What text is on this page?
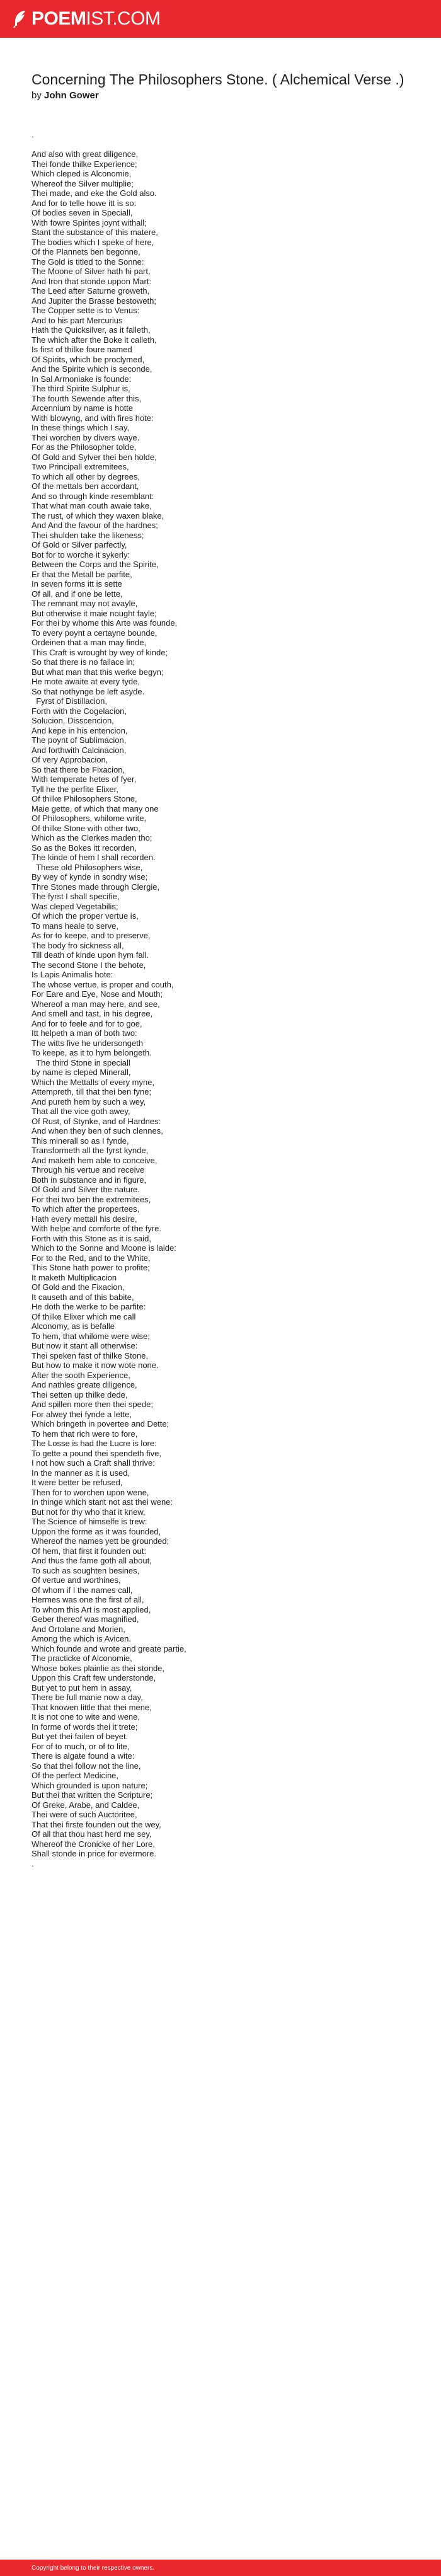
POEMIST.COM
Concerning The Philosophers Stone. ( Alchemical Verse .)
by John Gower
.

And also with great diligence,
Thei fonde thilke Experience;
Which cleped is Alconomie,
Whereof the Silver multiplie;
Thei made, and eke the Gold also.
And for to telle howe itt is so:
Of bodies seven in Speciall,
With fowre Spirites joynt withall;
Stant the substance of this matere,
The bodies which I speke of here,
Of the Plannets ben begonne,
The Gold is titled to the Sonne:
The Moone of Silver hath hi part,
And Iron that stonde uppon Mart:
The Leed after Saturne groweth,
And Jupiter the Brasse bestoweth;
The Copper sette is to Venus:
And to his part Mercurius
Hath the Quicksilver, as it falleth,
The which after the Boke it calleth,
Is first of thilke foure named
Of Spirits, which be proclymed,
And the Spirite which is seconde,
In Sal Armoniake is founde:
The third Spirite Sulphur is,
The fourth Sewende after this,
Arcennium by name is hotte
With blowyng, and with fires hote:
In these things which I say,
Thei worchen by divers waye.
For as the Philosopher tolde,
Of Gold and Sylver thei ben holde,
Two Principall extremitees,
To which all other by degrees,
Of the mettals ben accordant,
And so through kinde resemblant:
That what man couth awaie take,
The rust, of which they waxen blake,
And And the favour of the hardnes;
Thei shulden take the likeness;
Of Gold or Silver parfectly,
Bot for to worche it sykerly:
Between the Corps and the Spirite,
Er that the Metall be parfite,
In seven forms itt is sette
Of all, and if one be lette,
The remnant may not avayle,
But otherwise it maie nought fayle;
For thei by whome this Arte was founde,
To every poynt a certayne bounde,
Ordeinen that a man may finde,
This Craft is wrought by wey of kinde;
So that there is no fallace in;
But what man that this werke begyn;
He mote awaite at every tyde,
So that nothynge be left asyde.
Fyrst of Distillacion,
Forth with the Cogelacion,
Solucion, Disscencion,
And kepe in his entencion,
The poynt of Sublimacion,
And forthwith Calcinacion,
Of very Approbacion,
So that there be Fixacion,
With temperate hetes of fyer,
Tyll he the perfite Elixer,
Of thilke Philosophers Stone,
Maie gette, of which that many one
Of Philosophers, whilome write,
Of thilke Stone with other two,
Which as the Clerkes maden tho;
So as the Bokes itt recorden,
The kinde of hem I shall recorden.
These old Philosophers wise,
By wey of kynde in sondry wise;
Thre Stones made through Clergie,
The fyrst I shall specifie,
Was cleped Vegetabilis;
Of which the proper vertue is,
To mans heale to serve,
As for to keepe, and to preserve,
The body fro sickness all,
Till death of kinde upon hym fall.
The second Stone I the behote,
Is Lapis Animalis hote:
The whose vertue, is proper and couth,
For Eare and Eye, Nose and Mouth;
Whereof a man may here, and see,
And smell and tast, in his degree,
And for to feele and for to goe,
Itt helpeth a man of both two:
The witts five he undersongeth
To keepe, as it to hym belongeth.
The third Stone in speciall
by name is cleped Minerall,
Which the Mettalls of every myne,
Attempreth, till that thei ben fyne;
And pureth hem by such a wey,
That all the vice goth awey,
Of Rust, of Stynke, and of Hardnes:
And when they ben of such clennes,
This minerall so as I fynde,
Transformeth all the fyrst kynde,
And maketh hem able to conceive,
Through his vertue and receive
Both in substance and in figure,
Of Gold and Silver the nature.
For thei two ben the extremitees,
To which after the propertees,
Hath every mettall his desire,
With helpe and comforte of the fyre.
Forth with this Stone as it is said,
Which to the Sonne and Moone is laide:
For to the Red, and to the White,
This Stone hath power to profite;
It maketh Multiplicacion
Of Gold and the Fixacion,
It causeth and of this babite,
He doth the werke to be parfite:
Of thilke Elixer which me call
Alconomy, as is befalle
To hem, that whilome were wise;
But now it stant all otherwise:
Thei speken fast of thilke Stone,
But how to make it now wote none.
After the sooth Experience,
And nathles greate diligence,
Thei setten up thilke dede,
And spillen more then thei spede;
For alwey thei fynde a lette,
Which bringeth in povertee and Dette;
To hem that rich were to fore,
The Losse is had the Lucre is lore:
To gette a pound thei spendeth five,
I not how such a Craft shall thrive:
In the manner as it is used,
It were better be refused,
Then for to worchen upon wene,
In thinge which stant not ast thei wene:
But not for thy who that it knew,
The Science of himselfe is trew:
Uppon the forme as it was founded,
Whereof the names yett be grounded;
Of hem, that first it founden out:
And thus the fame goth all about,
To such as soughten besines,
Of vertue and worthines,
Of whom if I the names call,
Hermes was one the first of all,
To whom this Art is most applied,
Geber thereof was magnified,
And Ortolane and Morien,
Among the which is Avicen.
Which founde and wrote and greate partie,
The practicke of Alconomie,
Whose bokes plainlie as thei stonde,
Uppon this Craft few understonde,
But yet to put hem in assay,
There be full manie now a day,
That knowen little that thei mene,
It is not one to wite and wene,
In forme of words thei it trete;
But yet thei failen of beyet.
For of to much, or of to lite,
There is algate found a wite:
So that thei follow not the line,
Of the perfect Medicine,
Which grounded is upon nature;
But thei that written the Scripture;
Of Greke, Arabe, and Caldee,
Thei were of such Auctoritee,
That thei firste founden out the wey,
Of all that thou hast herd me sey,
Whereof the Cronicke of her Lore,
Shall stonde in price for evermore.
.
Copyright belong to their respective owners.
